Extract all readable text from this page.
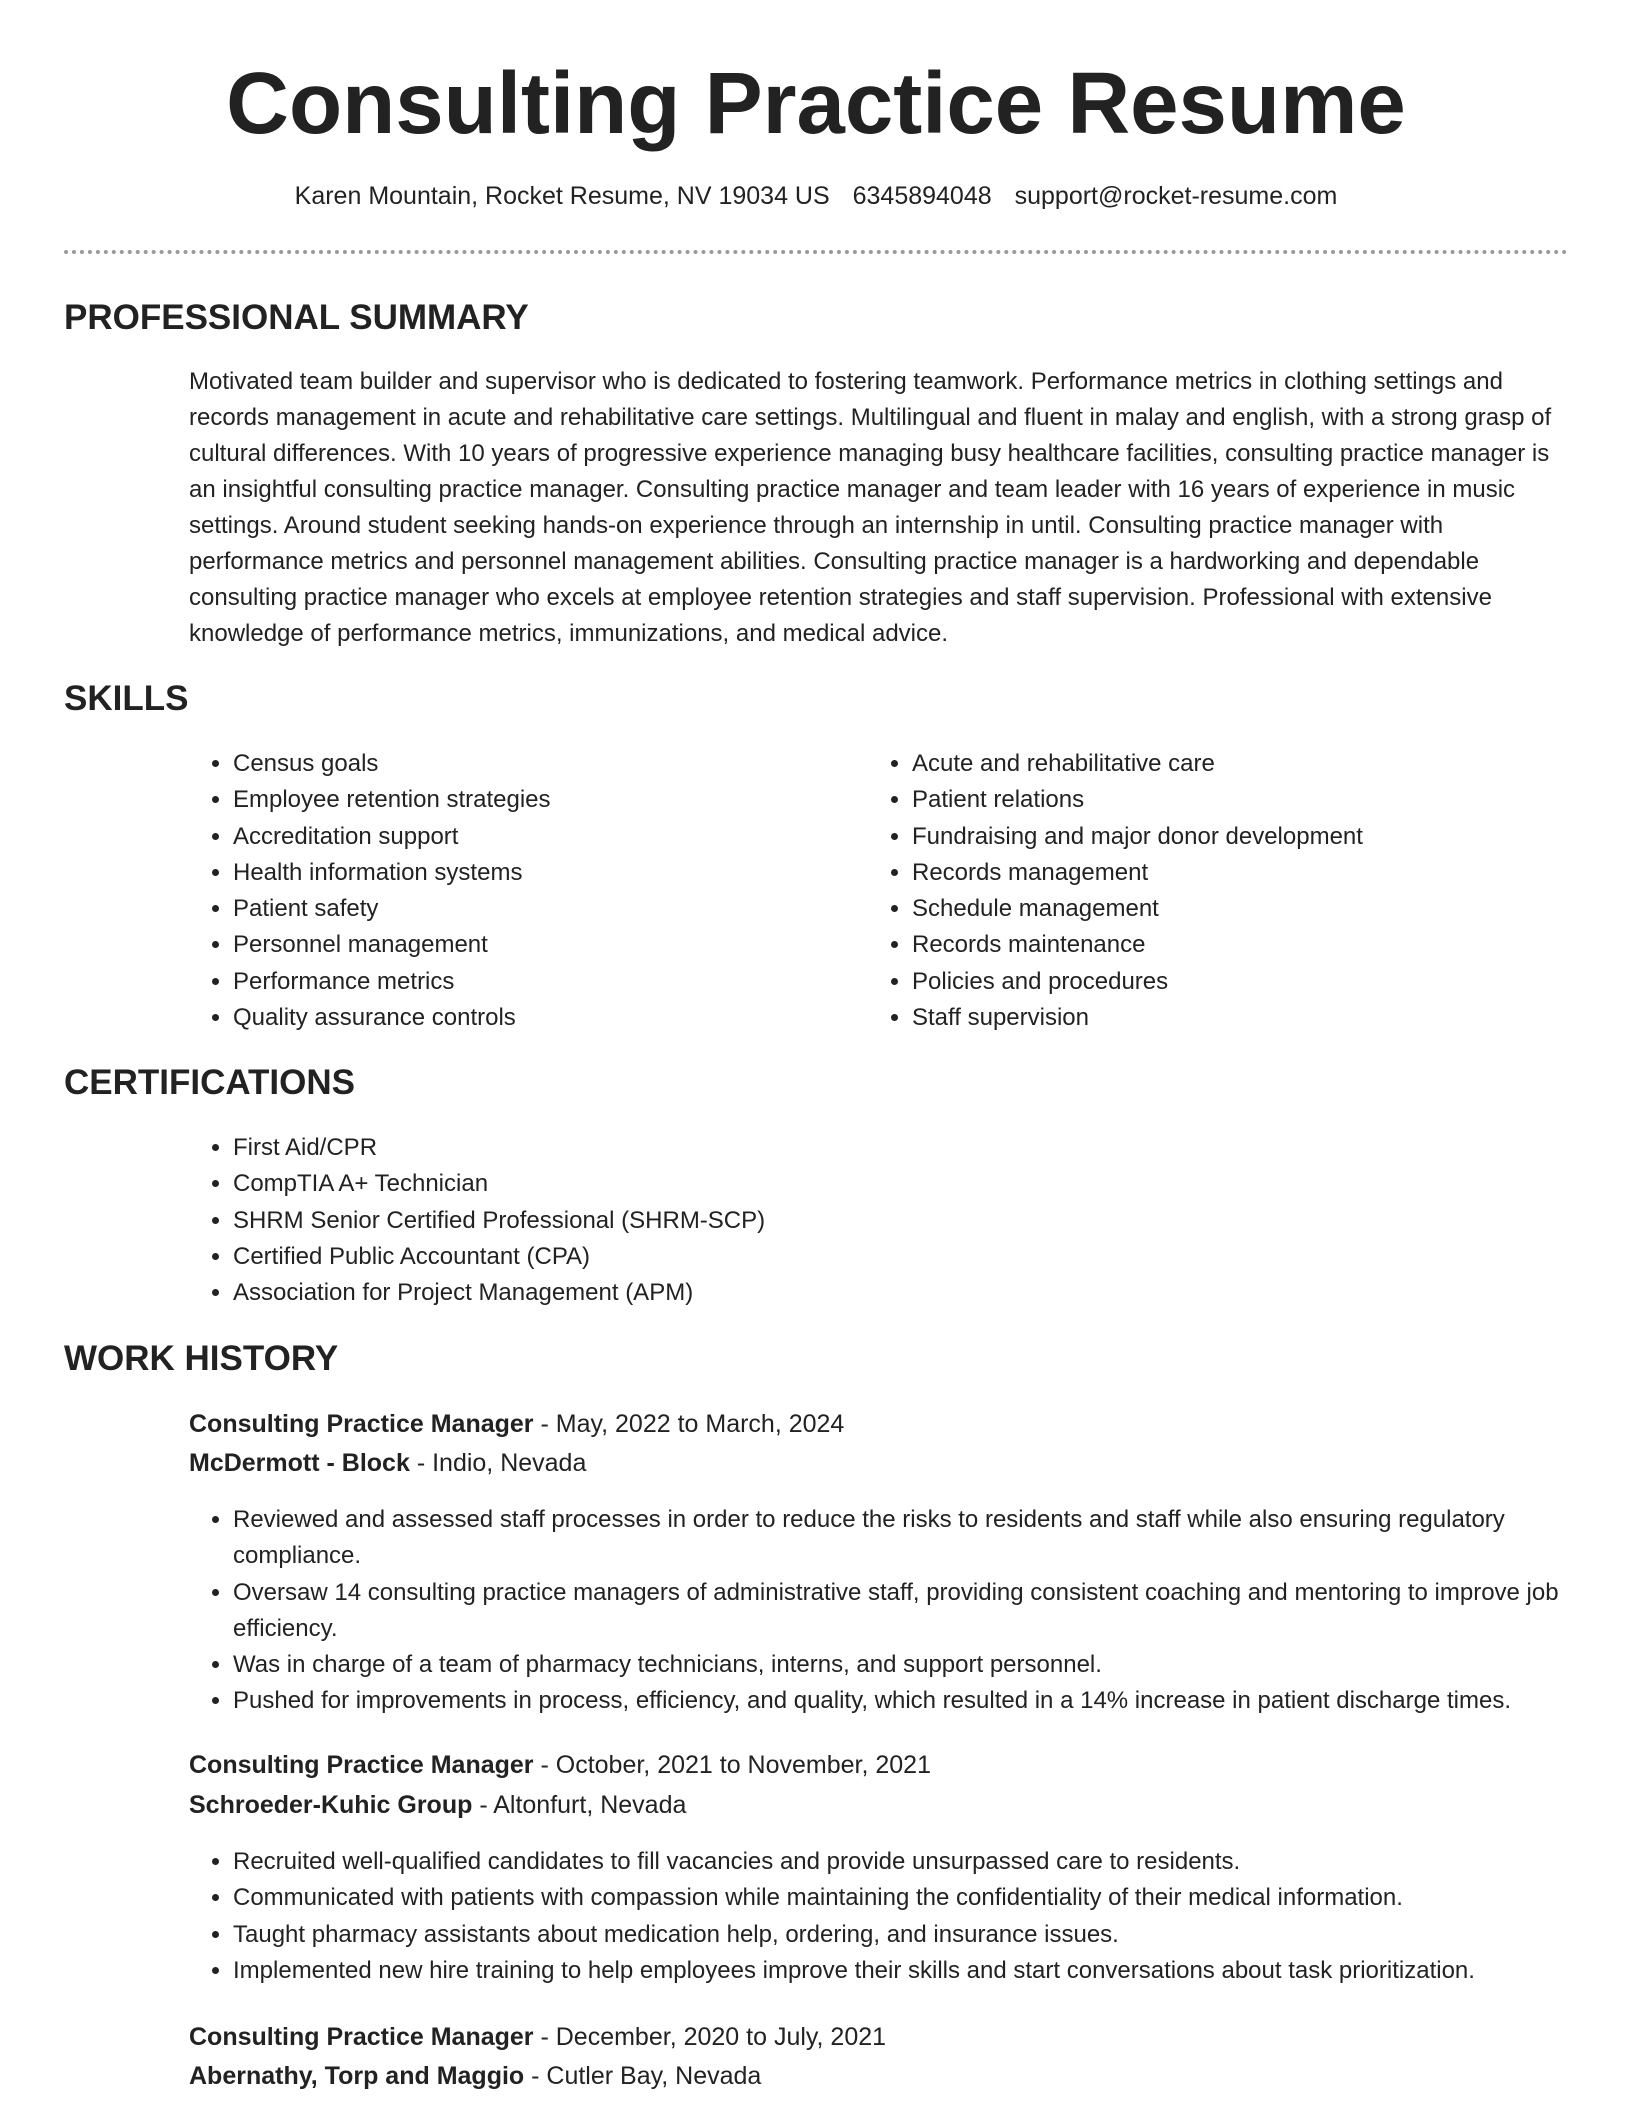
Consulting Practice Resume
Karen Mountain, Rocket Resume, NV 19034 US 6345894048 support@rocket-resume.com
PROFESSIONAL SUMMARY

Motivated team builder and supervisor who is dedicated to fostering teamwork. Performance metrics in clothing settings and records management in acute and rehabilitative care settings. Multilingual and fluent in malay and english, with a strong grasp of cultural differences. With 10 years of progressive experience managing busy healthcare facilities, consulting practice manager is an insightful consulting practice manager. Consulting practice manager and team leader with 16 years of experience in music settings. Around student seeking hands-on experience through an internship in until. Consulting practice manager with performance metrics and personnel management abilities. Consulting practice manager is a hardworking and dependable consulting practice manager who excels at employee retention strategies and staff supervision. Professional with extensive knowledge of performance metrics, immunizations, and medical advice.

SKILLS
• Census goals
• Employee retention strategies
• Accreditation support
• Health information systems
• Patient safety
• Personnel management
• Performance metrics
• Quality assurance controls
• Acute and rehabilitative care
• Patient relations
• Fundraising and major donor development
• Records management
• Schedule management
• Records maintenance
• Policies and procedures
• Staff supervision
CERTIFICATIONS
• First Aid/CPR
• CompTIA A+ Technician
• SHRM Senior Certified Professional (SHRM-SCP)
• Certified Public Accountant (CPA)
• Association for Project Management (APM)
WORK HISTORY
Consulting Practice Manager - May, 2022 to March, 2024
McDermott - Block - Indio, Nevada
• Reviewed and assessed staff processes in order to reduce the risks to residents and staff while also ensuring regulatory compliance.
• Oversaw 14 consulting practice managers of administrative staff, providing consistent coaching and mentoring to improve job efficiency.
• Was in charge of a team of pharmacy technicians, interns, and support personnel.
• Pushed for improvements in process, efficiency, and quality, which resulted in a 14% increase in patient discharge times.
Consulting Practice Manager - October, 2021 to November, 2021
Schroeder-Kuhic Group - Altonfurt, Nevada
• Recruited well-qualified candidates to fill vacancies and provide unsurpassed care to residents.
• Communicated with patients with compassion while maintaining the confidentiality of their medical information.
• Taught pharmacy assistants about medication help, ordering, and insurance issues.
• Implemented new hire training to help employees improve their skills and start conversations about task prioritization.
Consulting Practice Manager - December, 2020 to July, 2021
Abernathy, Torp and Maggio - Cutler Bay, Nevada
